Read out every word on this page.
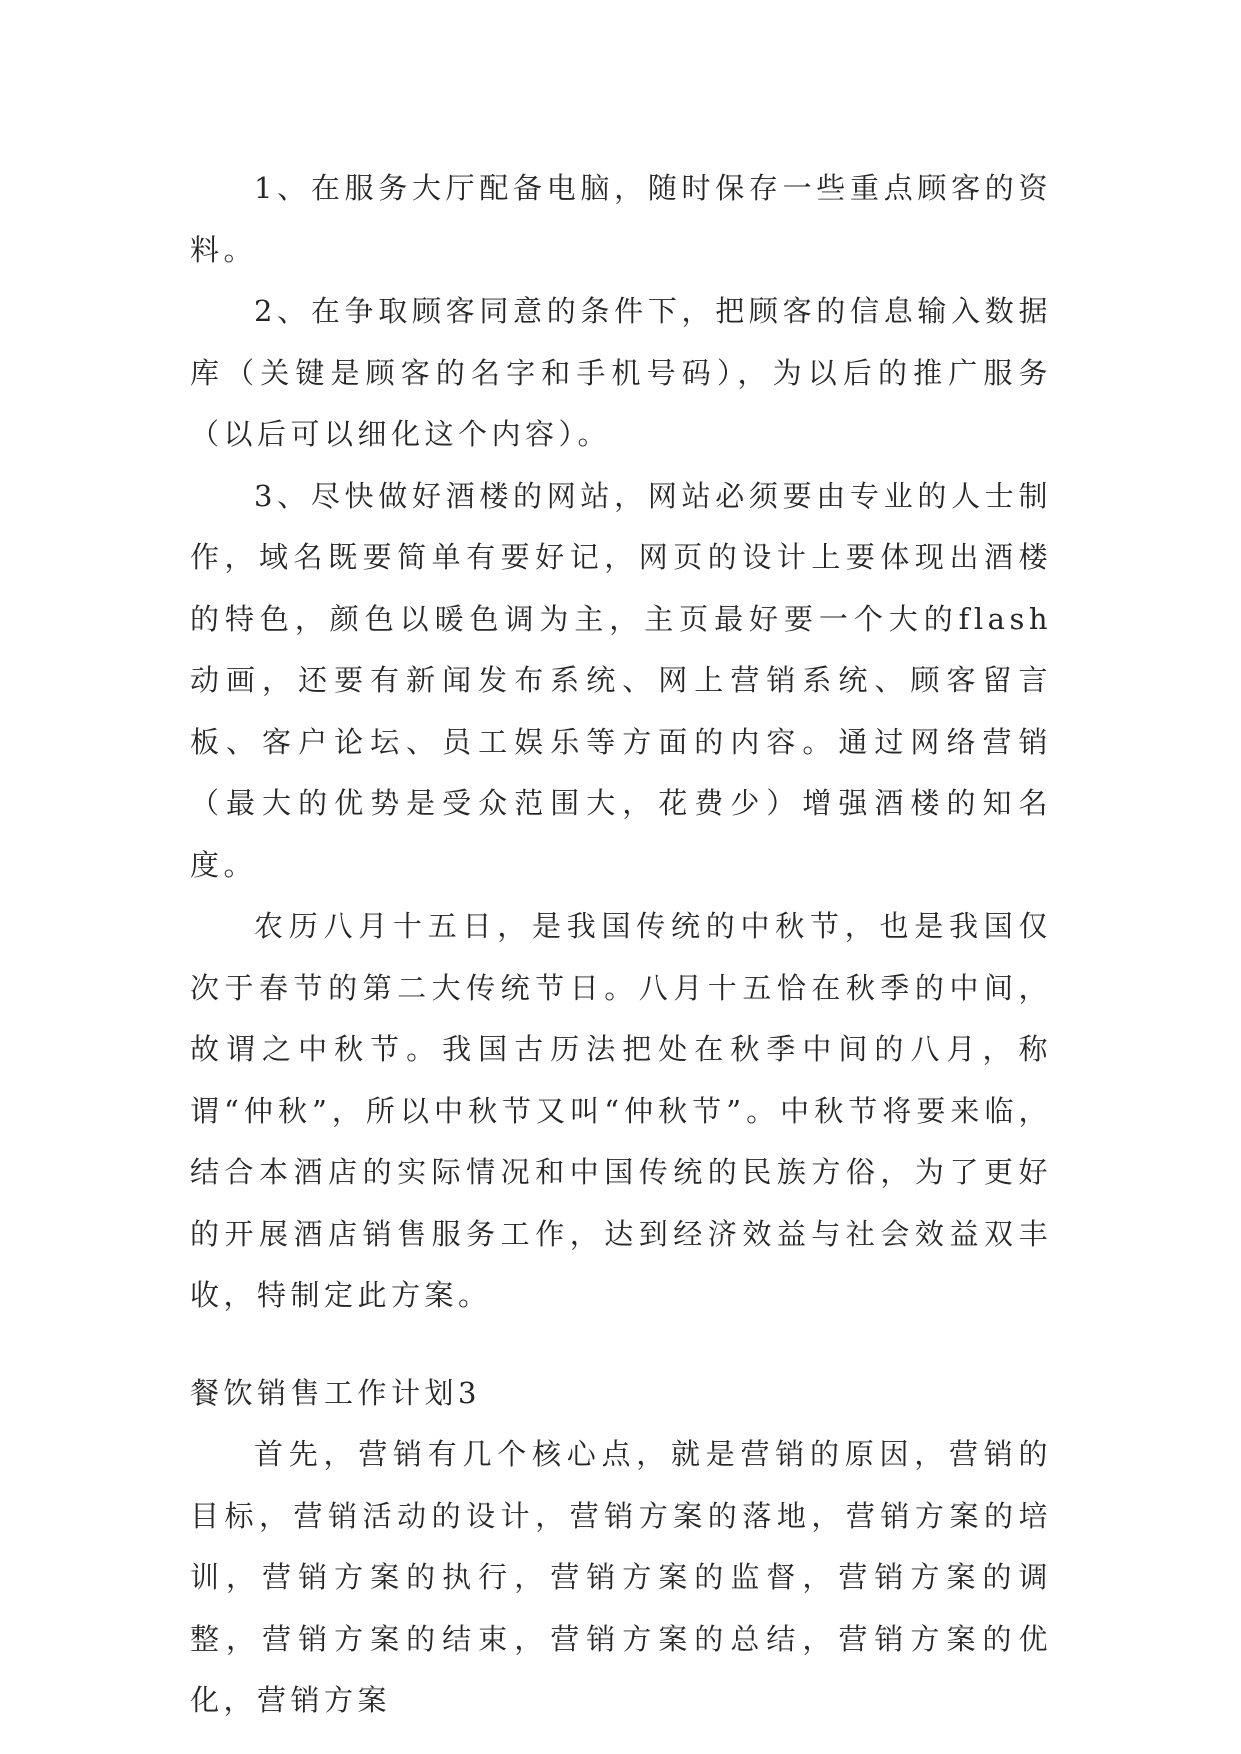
1、在服务大厅配备电脑，随时保存一些重点顾客的资料。

2、在争取顾客同意的条件下，把顾客的信息输入数据库（关键是顾客的名字和手机号码），为以后的推广服务（以后可以细化这个内容）。

3、尽快做好酒楼的网站，网站必须要由专业的人士制作，域名既要简单有要好记，网页的设计上要体现出酒楼的特色，颜色以暖色调为主，主页最好要一个大的flash动画，还要有新闻发布系统、网上营销系统、顾客留言板、客户论坛、员工娱乐等方面的内容。通过网络营销（最大的优势是受众范围大，花费少）增强酒楼的知名度。

农历八月十五日，是我国传统的中秋节，也是我国仅次于春节的第二大传统节日。八月十五恰在秋季的中间，故谓之中秋节。我国古历法把处在秋季中间的八月，称谓“仲秋”，所以中秋节又叫“仲秋节”。中秋节将要来临，结合本酒店的实际情况和中国传统的民族方俗，为了更好的开展酒店销售服务工作，达到经济效益与社会效益双丰收，特制定此方案。

餐饮销售工作计划3

首先，营销有几个核心点，就是营销的原因，营销的目标，营销活动的设计，营销方案的落地，营销方案的培训，营销方案的执行，营销方案的监督，营销方案的调整，营销方案的结束，营销方案的总结，营销方案的优化，营销方案
